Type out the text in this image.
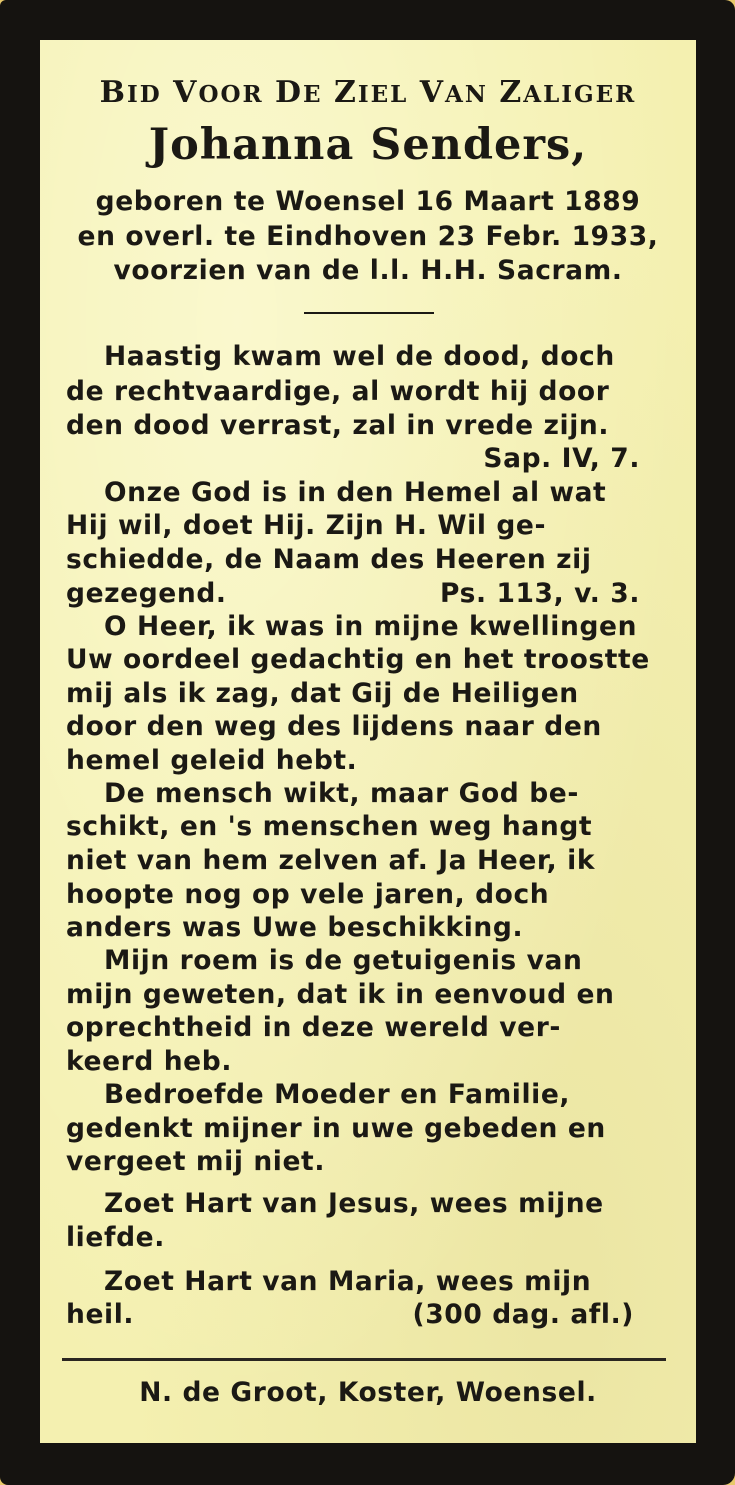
BID VOOR DE ZIEL VAN ZALIGER
Johanna Senders,
geboren te Woensel 16 Maart 1889
en overl. te Eindhoven 23 Febr. 1933,
voorzien van de l.l. H.H. Sacram.
Haastig kwam wel de dood, doch
de rechtvaardige, al wordt hij door
den dood verrast, zal in vrede zijn.
Sap. IV, 7.
Onze God is in den Hemel al wat
Hij wil, doet Hij. Zijn H. Wil ge-
schiedde, de Naam des Heeren zij
gezegend.	Ps. 113, v. 3.
O Heer, ik was in mijne kwellingen
Uw oordeel gedachtig en het troostte
mij als ik zag, dat Gij de Heiligen
door den weg des lijdens naar den
hemel geleid hebt.
De mensch wikt, maar God be-
schikt, en 's menschen weg hangt
niet van hem zelven af. Ja Heer, ik
hoopte nog op vele jaren, doch
anders was Uwe beschikking.
Mijn roem is de getuigenis van
mijn geweten, dat ik in eenvoud en
oprechtheid in deze wereld ver-
keerd heb.
Bedroefde Moeder en Familie,
gedenkt mijner in uwe gebeden en
vergeet mij niet.
Zoet Hart van Jesus, wees mijne
liefde.
Zoet Hart van Maria, wees mijn
heil.	(300 dag. afl.)
N. de Groot, Koster, Woensel.
